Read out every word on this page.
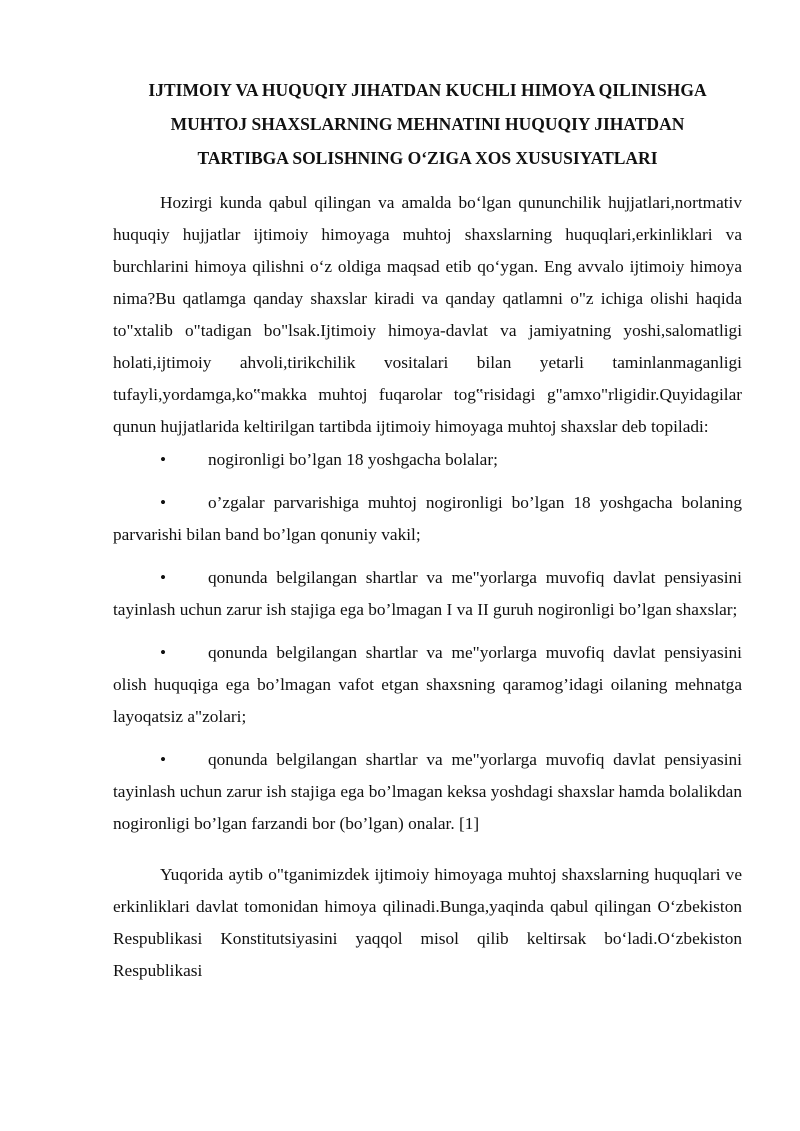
IJTIMOIY VA HUQUQIY JIHATDAN KUCHLI HIMOYA QILINISHGA
MUHTOJ SHAXSLARNING MEHNATINI HUQUQIY JIHATDAN
TARTIBGA SOLISHNING O‘ZIGA XOS XUSUSIYATLARI

Hozirgi kunda qabul qilingan va amalda bo‘lgan qununchilik hujjatlari,nortmativ huquqiy hujjatlar ijtimoiy himoyaga muhtoj shaxslarning huquqlari,erkinliklari va burchlarini himoya qilishni o‘z oldiga maqsad etib qo‘ygan. Eng avvalo ijtimoiy himoya nima?Bu qatlamga qanday shaxslar kiradi va qanday qatlamni o"z ichiga olishi haqida to"xtalib o"tadigan bo"lsak.Ijtimoiy himoya-davlat va jamiyatning yoshi,salomatligi holati,ijtimoiy ahvoli,tirikchilik vositalari bilan yetarli taminlanmaganligi tufayli,yordamga,ko‟makka muhtoj fuqarolar tog‟risidagi g"amxo"rligidir.Quyidagilar qunun hujjatlarida keltirilgan tartibda ijtimoiy himoyaga muhtoj shaxslar deb topiladi:

• nogironligi bo’lgan 18 yoshgacha bolalar;

• o’zgalar parvarishiga muhtoj nogironligi bo’lgan 18 yoshgacha bolaning parvarishi bilan band bo’lgan qonuniy vakil;

• qonunda belgilangan shartlar va me"yorlarga muvofiq davlat pensiyasini tayinlash uchun zarur ish stajiga ega bo’lmagan I va II guruh nogironligi bo’lgan shaxslar;

• qonunda belgilangan shartlar va me"yorlarga muvofiq davlat pensiyasini olish huquqiga ega bo’lmagan vafot etgan shaxsning qaramog’idagi oilaning mehnatga layoqatsiz a"zolari;

• qonunda belgilangan shartlar va me"yorlarga muvofiq davlat pensiyasini tayinlash uchun zarur ish stajiga ega bo’lmagan keksa yoshdagi shaxslar hamda bolalikdan nogironligi bo’lgan farzandi bor (bo’lgan) onalar. [1]

Yuqorida aytib o"tganimizdek ijtimoiy himoyaga muhtoj shaxslarning huquqlari ve erkinliklari davlat tomonidan himoya qilinadi.Bunga,yaqinda qabul qilingan O‘zbekiston Respublikasi Konstitutsiyasini yaqqol misol qilib keltirsak bo‘ladi.O‘zbekiston Respublikasi
